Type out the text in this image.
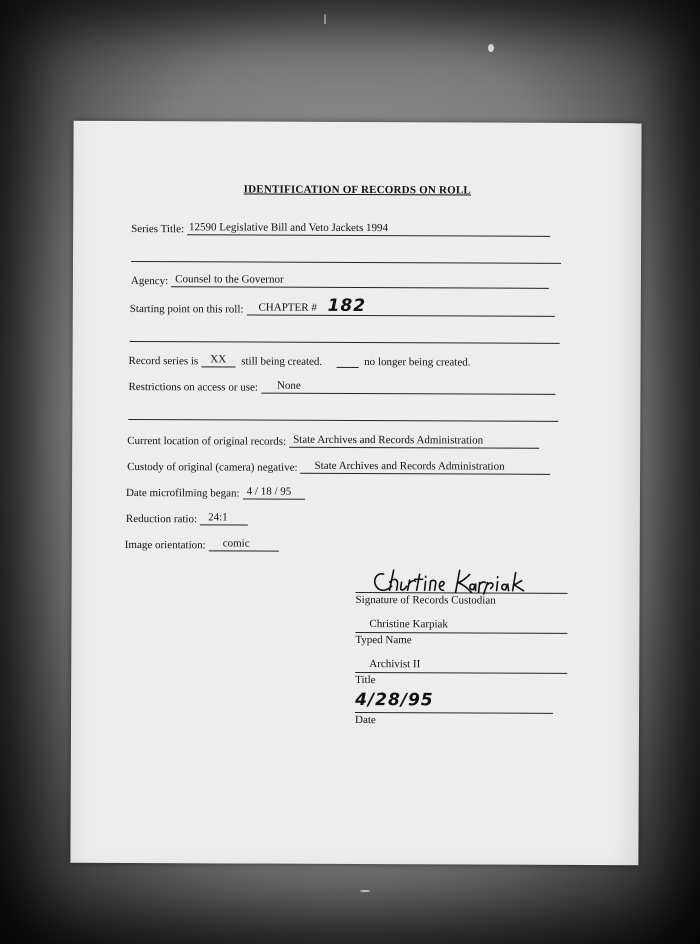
IDENTIFICATION OF RECORDS ON ROLL
Series Title: 12590 Legislative Bill and Veto Jackets 1994
Agency: Counsel to the Governor
Starting point on this roll:	CHAPTER # 182
Record series is	XX	still being created.	no longer being created.
Restrictions on access or use:	None
Current location of original records: State Archives and Records Administration
Custody of original (camera) negative:	State Archives and Records Administration
Date microfilming began: 4 / 18 / 95
Reduction ratio: 24:1
Image orientation:	comic
Signature of Records Custodian
Christine Karpiak
Typed Name
Archivist II
Title
4/28/95
Date
